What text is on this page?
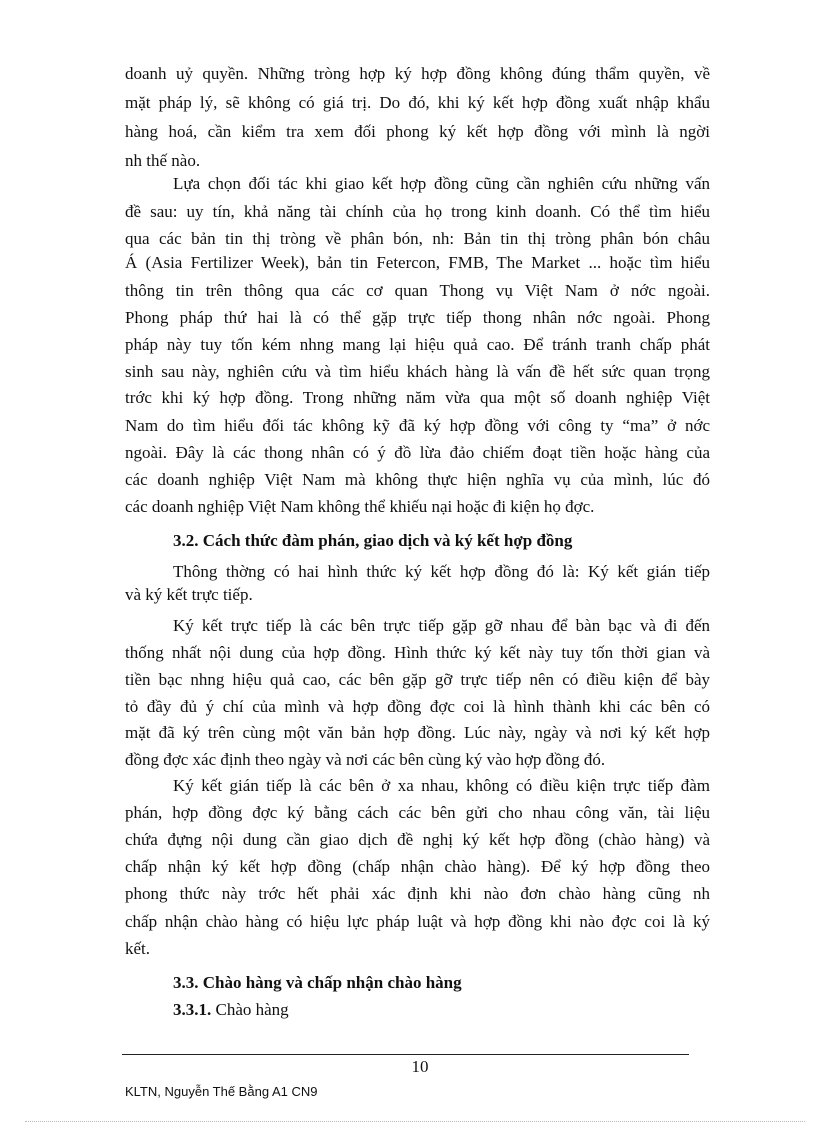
doanh uỷ quyền. Những tròng hợp ký hợp đồng không đúng thẩm quyền, về
mặt pháp lý, sẽ không có giá trị. Do đó, khi ký kết hợp đồng xuất nhập khẩu
hàng hoá, cần kiểm tra xem đối phong ký kết hợp đồng với mình là ngời
nh thế nào.
Lựa chọn đối tác khi giao kết hợp đồng cũng cần nghiên cứu những vấn
đề sau: uy tín, khả năng tài chính của họ trong kinh doanh. Có thể tìm hiểu
qua các bản tin thị tròng về phân bón, nh: Bản tin thị tròng phân bón châu
Á (Asia Fertilizer Week), bản tin Fetercon, FMB, The Market ... hoặc tìm hiểu
thông tin trên thông qua các cơ quan Thong vụ Việt Nam ở nớc ngoài.
Phong pháp thứ hai là có thể gặp trực tiếp thong nhân nớc ngoài. Phong
pháp này tuy tốn kém nhng mang lại hiệu quả cao. Để tránh tranh chấp phát
sinh sau này, nghiên cứu và tìm hiểu khách hàng là vấn đề hết sức quan trọng
trớc khi ký hợp đồng. Trong những năm vừa qua một số doanh nghiệp Việt
Nam do tìm hiểu đối tác không kỹ đã ký hợp đồng với công ty “ma” ở nớc
ngoài. Đây là các thong nhân có ý đồ lừa đảo chiếm đoạt tiền hoặc hàng của
các doanh nghiệp Việt Nam mà không thực hiện nghĩa vụ của mình, lúc đó
các doanh nghiệp Việt Nam không thể khiếu nại hoặc đi kiện họ đợc.
3.2. Cách thức đàm phán, giao dịch và ký kết hợp đồng
Thông thờng có hai hình thức ký kết hợp đồng đó là: Ký kết gián tiếp
và ký kết trực tiếp.
Ký kết trực tiếp là các bên trực tiếp gặp gỡ nhau để bàn bạc và đi đến
thống nhất nội dung của hợp đồng. Hình thức ký kết này tuy tốn thời gian và
tiền bạc nhng hiệu quả cao, các bên gặp gỡ trực tiếp nên có điều kiện để bày
tỏ đầy đủ ý chí của mình và hợp đồng đợc coi là hình thành khi các bên có
mặt đã ký trên cùng một văn bản hợp đồng. Lúc này, ngày và nơi ký kết hợp
đồng đợc xác định theo ngày và nơi các bên cùng ký vào hợp đồng đó.
Ký kết gián tiếp là các bên ở xa nhau, không có điều kiện trực tiếp đàm
phán, hợp đồng đợc ký bằng cách các bên gửi cho nhau công văn, tài liệu
chứa đựng nội dung cần giao dịch đề nghị ký kết hợp đồng (chào hàng) và
chấp nhận ký kết hợp đồng (chấp nhận chào hàng). Để ký hợp đồng theo
phong thức này trớc hết phải xác định khi nào đơn chào hàng cũng nh
chấp nhận chào hàng có hiệu lực pháp luật và hợp đồng khi nào đợc coi là ký
kết.
3.3. Chào hàng và chấp nhận chào hàng
3.3.1. Chào hàng
10
KLTN, Nguyễn Thế Bằng A1 CN9
